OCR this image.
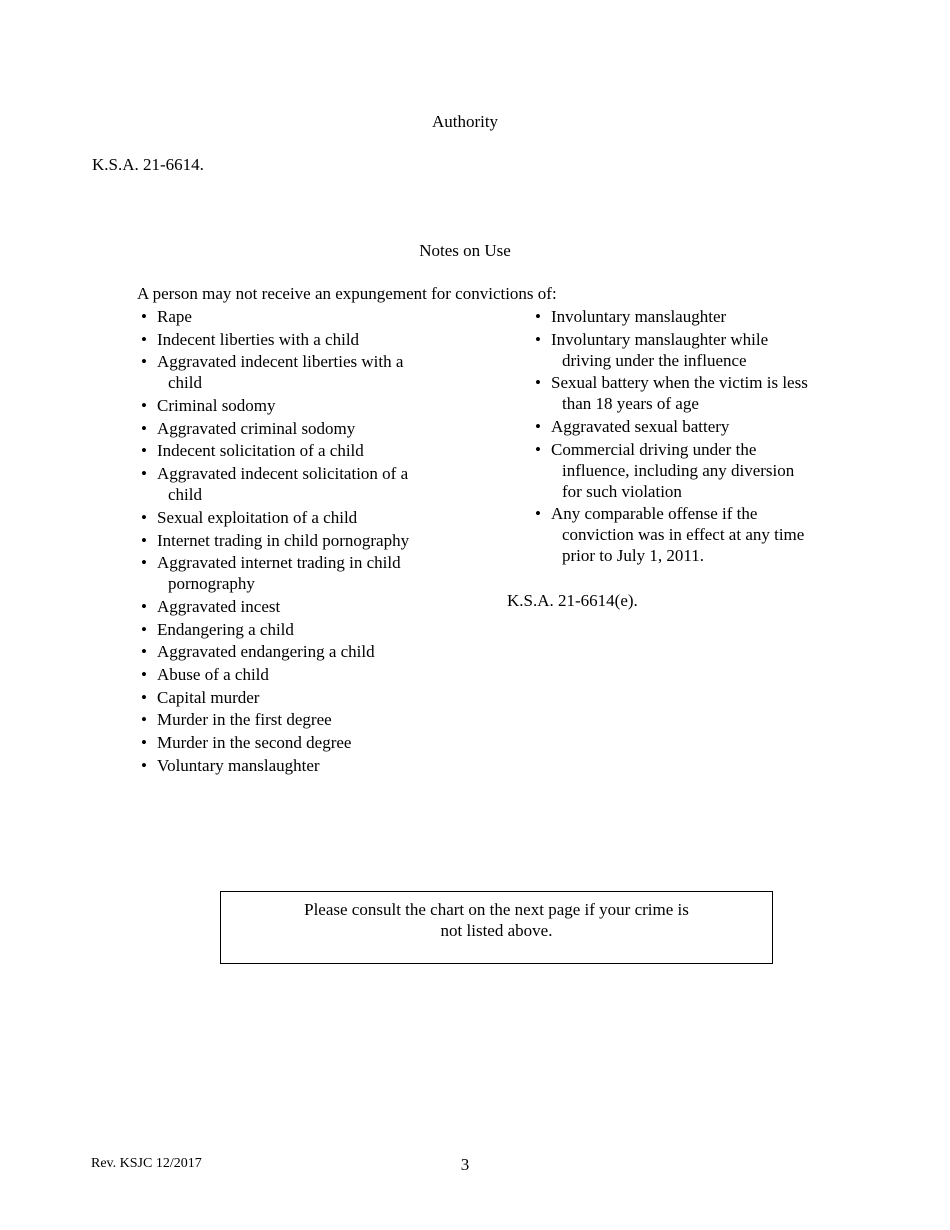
Authority
K.S.A. 21-6614.
Notes on Use
A person may not receive an expungement for convictions of:
• Rape
• Indecent liberties with a child
• Aggravated indecent liberties with a
child
• Criminal sodomy
• Aggravated criminal sodomy
• Indecent solicitation of a child
• Aggravated indecent solicitation of a
child
• Sexual exploitation of a child
• Internet trading in child pornography
• Aggravated internet trading in child
pornography
• Aggravated incest
• Endangering a child
• Aggravated endangering a child
• Abuse of a child
• Capital murder
• Murder in the first degree
• Murder in the second degree
• Voluntary manslaughter
• Involuntary manslaughter
• Involuntary manslaughter while
driving under the influence
• Sexual battery when the victim is less
than 18 years of age
• Aggravated sexual battery
• Commercial driving under the
influence, including any diversion
for such violation
• Any comparable offense if the
conviction was in effect at any time
prior to July 1, 2011.
K.S.A. 21-6614(e).
Please consult the chart on the next page if your crime is
not listed above.
Rev. KSJC 12/2017	3
